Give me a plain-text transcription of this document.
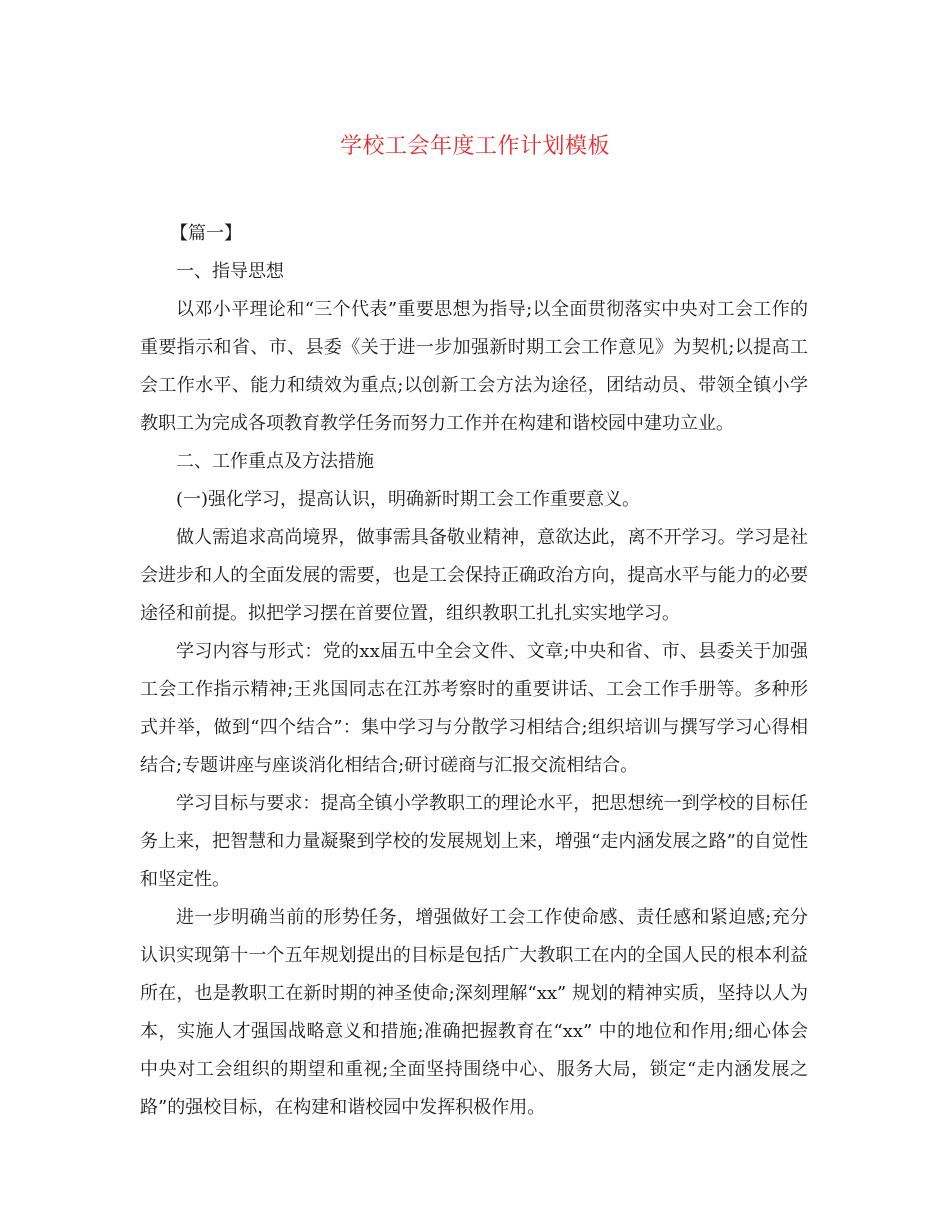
学校工会年度工作计划模板

【篇一】

一、指导思想

以邓小平理论和“三个代表”重要思想为指导;以全面贯彻落实中央对工会工作的重要指示和省、市、县委《关于进一步加强新时期工会工作意见》为契机;以提高工会工作水平、能力和绩效为重点;以创新工会方法为途径，团结动员、带领全镇小学教职工为完成各项教育教学任务而努力工作并在构建和谐校园中建功立业。

二、工作重点及方法措施

(一)强化学习，提高认识，明确新时期工会工作重要意义。

做人需追求高尚境界，做事需具备敬业精神，意欲达此，离不开学习。学习是社会进步和人的全面发展的需要，也是工会保持正确政治方向，提高水平与能力的必要途径和前提。拟把学习摆在首要位置，组织教职工扎扎实实地学习。

学习内容与形式：党的xx届五中全会文件、文章;中央和省、市、县委关于加强工会工作指示精神;王兆国同志在江苏考察时的重要讲话、工会工作手册等。多种形式并举，做到“四个结合”：集中学习与分散学习相结合;组织培训与撰写学习心得相结合;专题讲座与座谈消化相结合;研讨磋商与汇报交流相结合。

学习目标与要求：提高全镇小学教职工的理论水平，把思想统一到学校的目标任务上来，把智慧和力量凝聚到学校的发展规划上来，增强“走内涵发展之路”的自觉性和坚定性。

进一步明确当前的形势任务，增强做好工会工作使命感、责任感和紧迫感;充分认识实现第十一个五年规划提出的目标是包括广大教职工在内的全国人民的根本利益所在，也是教职工在新时期的神圣使命;深刻理解“xx” 规划的精神实质，坚持以人为本，实施人才强国战略意义和措施;准确把握教育在“xx” 中的地位和作用;细心体会中央对工会组织的期望和重视;全面坚持围绕中心、服务大局，锁定“走内涵发展之路”的强校目标，在构建和谐校园中发挥积极作用。
